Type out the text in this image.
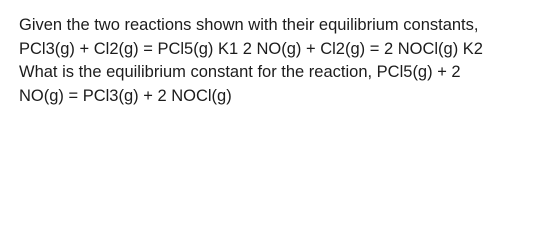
Given the two reactions shown with their equilibrium constants,
PCl3(g) + Cl2(g) = PCl5(g) K1 2 NO(g) + Cl2(g) = 2 NOCl(g) K2
What is the equilibrium constant for the reaction, PCl5(g) + 2
NO(g) = PCl3(g) + 2 NOCl(g)
